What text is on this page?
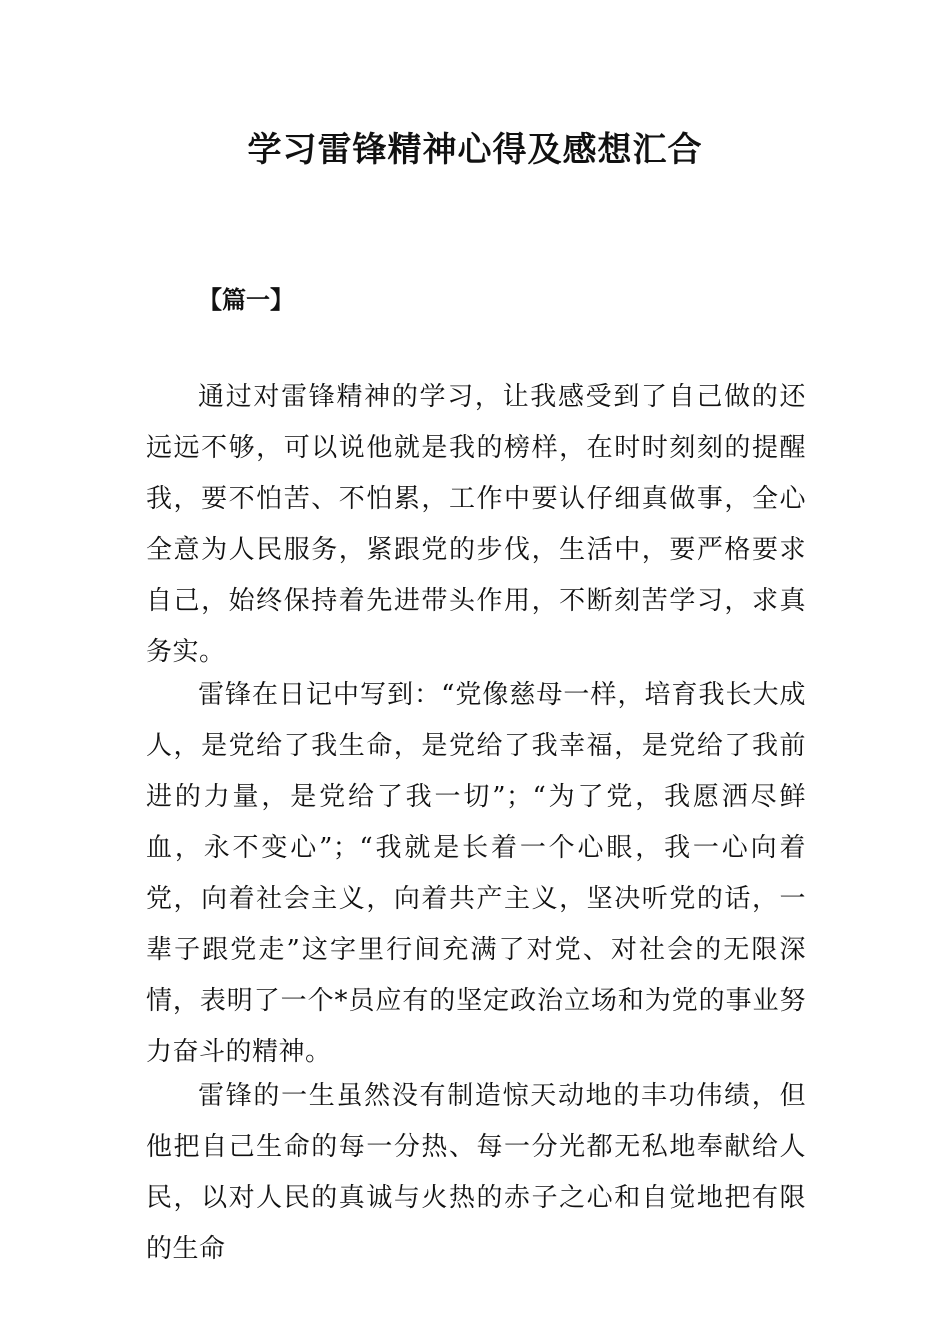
学习雷锋精神心得及感想汇合

【篇一】

通过对雷锋精神的学习，让我感受到了自己做的还远远不够，可以说他就是我的榜样，在时时刻刻的提醒我，要不怕苦、不怕累，工作中要认仔细真做事，全心全意为人民服务，紧跟党的步伐，生活中，要严格要求自己，始终保持着先进带头作用，不断刻苦学习，求真务实。

雷锋在日记中写到：“党像慈母一样，培育我长大成人，是党给了我生命，是党给了我幸福，是党给了我前进的力量，是党给了我一切”；“为了党，我愿洒尽鲜血，永不变心”；“我就是长着一个心眼，我一心向着党，向着社会主义，向着共产主义，坚决听党的话，一辈子跟党走”这字里行间充满了对党、对社会的无限深情，表明了一个*员应有的坚定政治立场和为党的事业努力奋斗的精神。

雷锋的一生虽然没有制造惊天动地的丰功伟绩，但他把自己生命的每一分热、每一分光都无私地奉献给人民，以对人民的真诚与火热的赤子之心和自觉地把有限的生命
